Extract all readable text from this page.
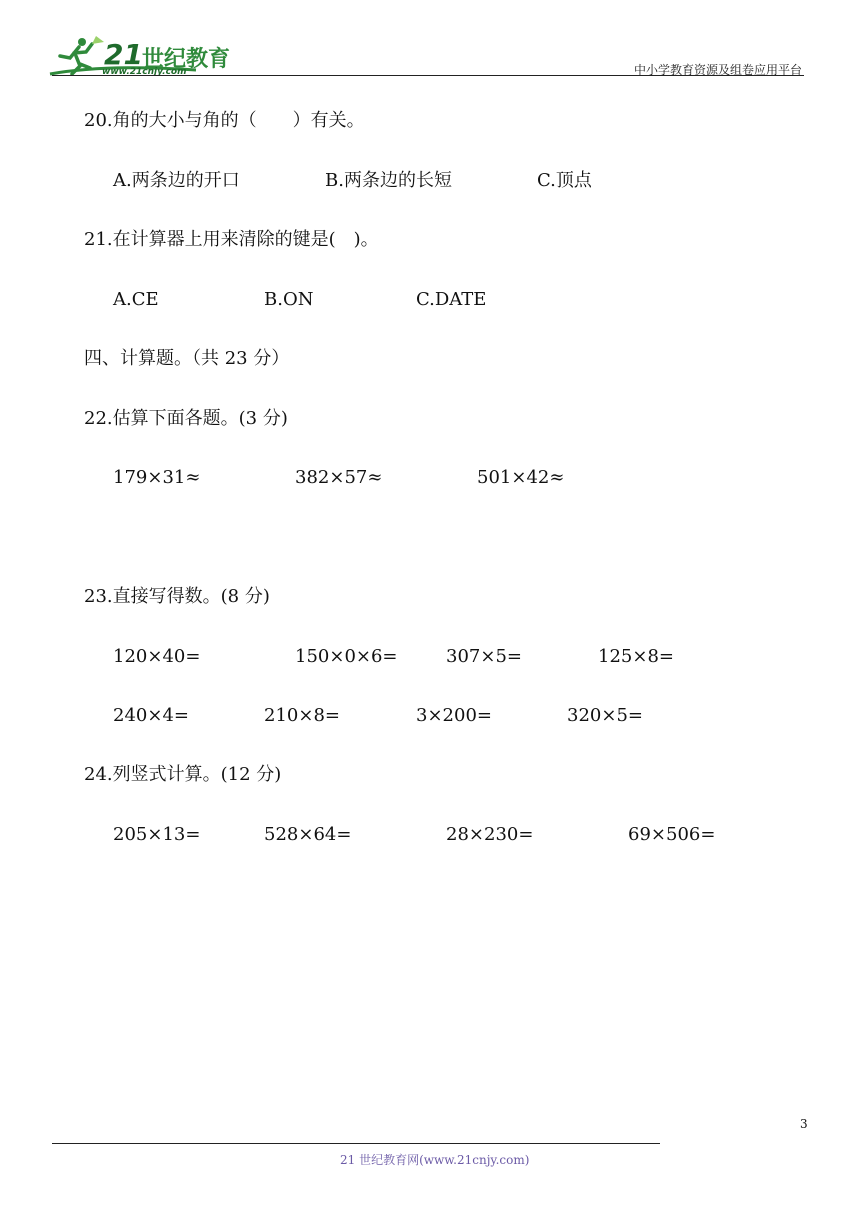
21 世纪教育
www.21cnjy.com	中小学教育资源及组卷应用平台
20.角的大小与角的（　　）有关。
A.两条边的开口	B.两条边的长短	C.顶点
21.在计算器上用来清除的键是(　)。
A.CE	B.ON	C.DATE
四、计算题。（共 23 分）
22.估算下面各题。(3 分)
179×31≈	382×57≈	501×42≈
23.直接写得数。(8 分)
120×40=	150×0×6=	307×5=	125×8=
240×4=	210×8=	3×200=	320×5=
24.列竖式计算。(12 分)
205×13=	528×64=	28×230=	69×506=
3
21 世纪教育网(www.21cnjy.com)
